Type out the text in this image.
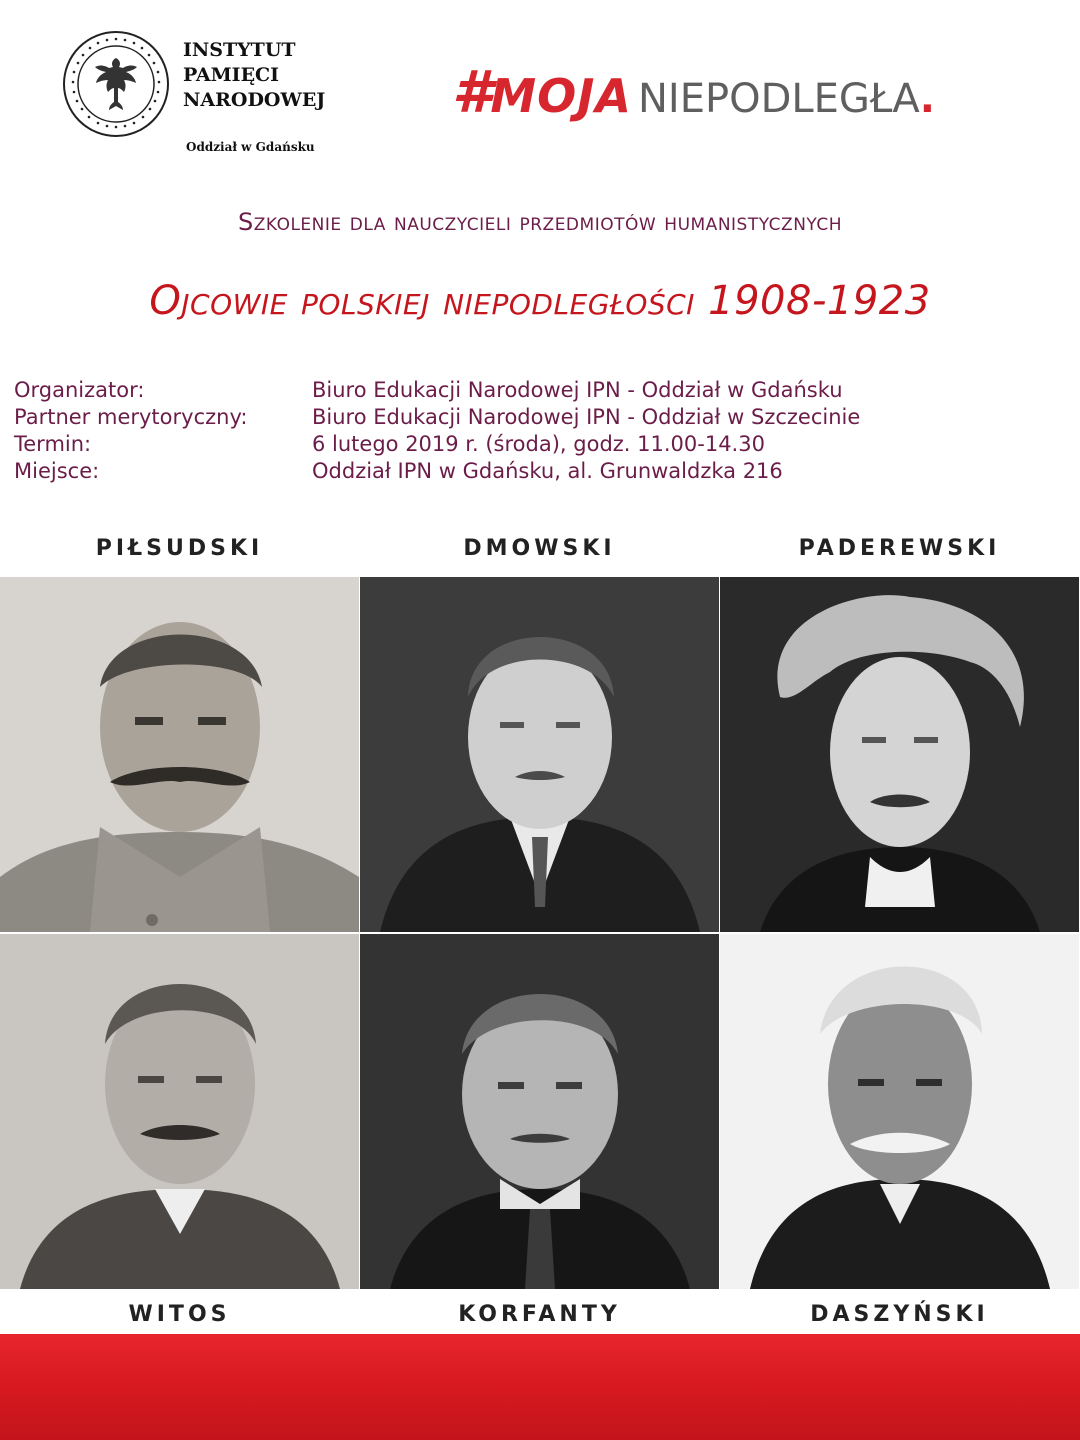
INSTYTUT
PAMIĘCI
NARODOWEJ
Oddział w Gdańsku
#MOJA NIEPODLEGŁA.
Szkolenie dla nauczycieli przedmiotów humanistycznych
Ojcowie polskiej niepodległości 1908-1923
Organizator:	Biuro Edukacji Narodowej IPN - Oddział w Gdańsku
Partner merytoryczny:	Biuro Edukacji Narodowej IPN - Oddział w Szczecinie
Termin:	6 lutego 2019 r. (środa), godz. 11.00-14.30
Miejsce:	Oddział IPN w Gdańsku, al. Grunwaldzka 216
PIŁSUDSKI	DMOWSKI	PADEREWSKI
WITOS	KORFANTY	DASZYŃSKI
